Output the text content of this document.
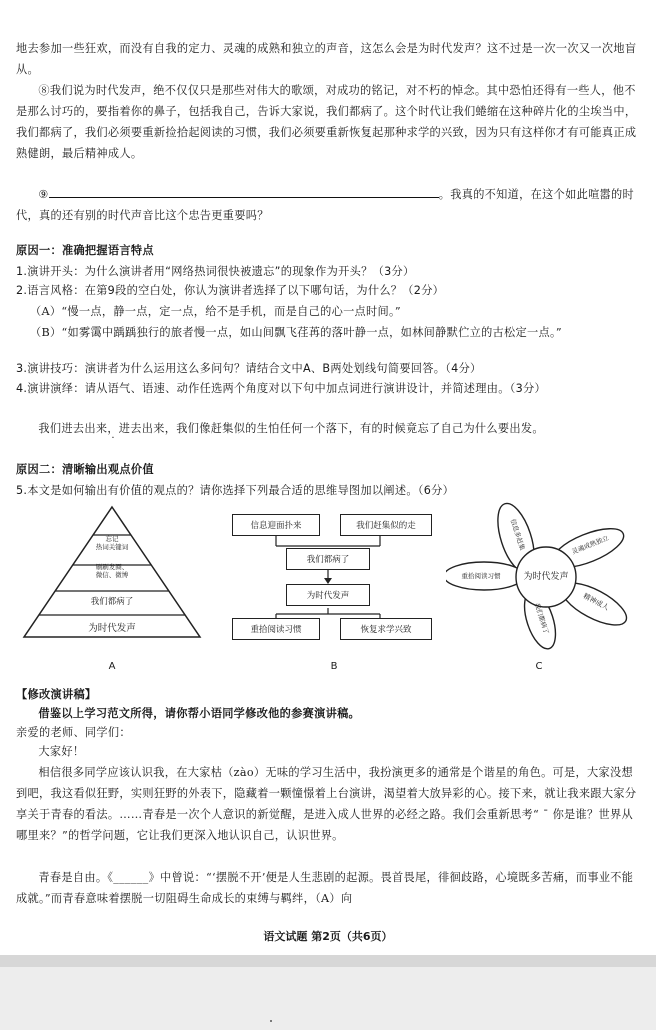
地去参加一些狂欢，而没有自我的定力、灵魂的成熟和独立的声音，这怎么会是为时代发声？这不过是一次一次又一次地盲从。

⑧我们说为时代发声，绝不仅仅只是那些对伟大的歌颂，对成功的铭记，对不朽的悼念。其中恐怕还得有一些人，他不是那么讨巧的，要指着你的鼻子，包括我自己，告诉大家说，我们都病了。这个时代让我们蜷缩在这种碎片化的尘埃当中，我们都病了，我们必须要重新捡拾起阅读的习惯，我们必须要重新恢复起那种求学的兴致，因为只有这样你才有可能真正成熟健朗，最后精神成人。

⑨	。我真的不知道，在这个如此喧嚣的时代，真的还有别的时代声音比这个忠告更重要吗？

原因一：准确把握语言特点

1.演讲开头：为什么演讲者用“网络热词很快被遗忘”的现象作为开头？（3分）

2.语言风格：在第9段的空白处，你认为演讲者选择了以下哪句话，为什么？（2分）

（A）“慢一点，静一点，定一点，给不是手机，而是自己的心一点时间。”

（B）“如雾霭中踽踽独行的旅者慢一点，如山间飘飞荏苒的落叶静一点，如林间静默伫立的古松定一点。”

3.演讲技巧：演讲者为什么运用这么多问句？请结合文中A、B两处划线句简要回答。（4分）

4.演讲演绎：请从语气、语速、动作任选两个角度对以下句中加点词进行演讲设计，并简述理由。（3分）

我们进去出来，进去出来 .，我们像赶集似的生怕任何一个落下，有的时候竟忘了自己为什么要出发。

原因二：清晰输出观点价值

5.本文是如何输出有价值的观点的？请你选择下列最合适的思维导图加以阐述。（6分）

忘记
热词关键词
刷刷发圈、
微信、微博
我们都病了
为时代发声
A
信息迎面扑来	我们赶集似的走
我们都病了
为时代发声
重拾阅读习惯	恢复求学兴致
B
为时代发声
信息多赶集	灵魂成熟独立
精神成人
我们都病了
重拾阅读习惯
C

【修改演讲稿】

借鉴以上学习范文所得，请你帮小语同学修改他的参赛演讲稿。

亲爱的老师、同学们：

大家好！

相信很多同学应该认识我，在大家枯（zào）无味的学习生活中，我扮演更多的通常是个谐星的角色。可是，大家没想到吧，我这看似狂野，实则狂野的外表下，隐藏着一颗憧憬着上台演讲，渴望着大放异彩的心。接下来，就让我来跟大家分享关于青春的看法。……青春是一次个人意识的新觉醒，是进入成人世界的必经之路。我们会重新思考“ ˉ 你是谁？世界从哪里来？”的哲学问题，它让我们更深入地认识自己，认识世界。

青春是自由。《______》中曾说：“‘摆脱不开’便是人生悲剧的起源。畏首畏尾，徘徊歧路，心境既多苦痛，而事业不能成就。”而青春意味着摆脱一切阻碍生命成长的束缚与羁绊，（A）向

语文试题 第2页（共6页）
